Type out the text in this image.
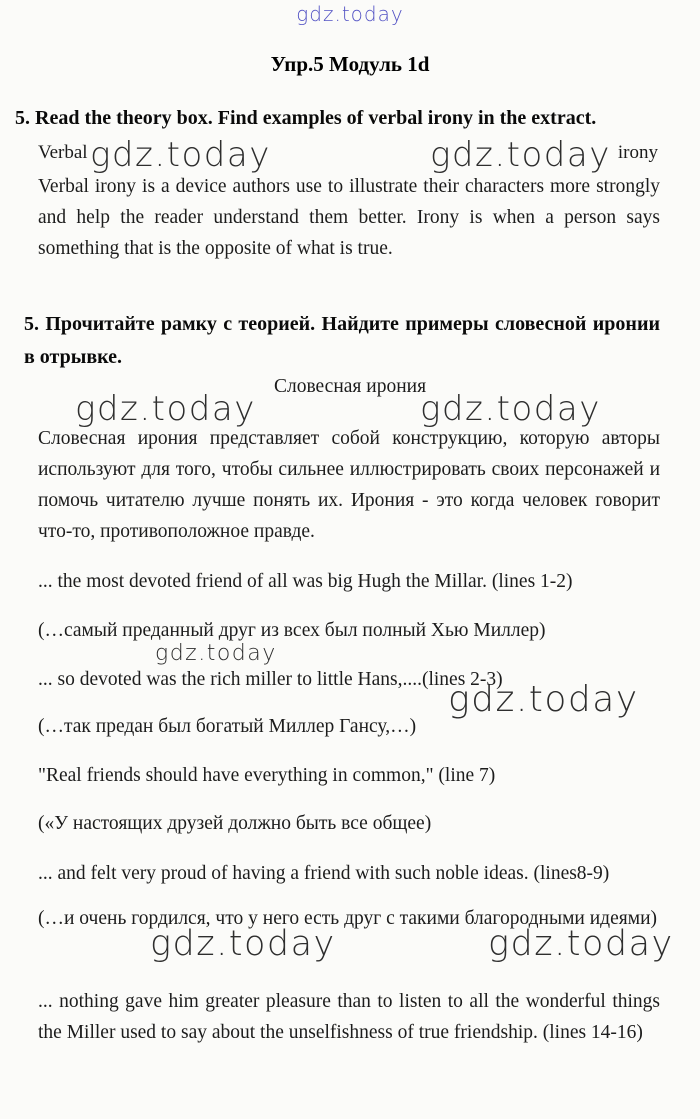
gdz.today
Упр.5 Модуль 1d
5. Read the theory box. Find examples of verbal irony in the extract.
Verbal gdz.today	gdz.today irony
Verbal irony is a device authors use to illustrate their characters more strongly and help the reader understand them better. Irony is when a person says something that is the opposite of what is true.
5. Прочитайте рамку с теорией. Найдите примеры словесной иронии в отрывке.
Словесная ирония
gdz.today	gdz.today
Словесная ирония представляет собой конструкцию, которую авторы используют для того, чтобы сильнее иллюстрировать своих персонажей и помочь читателю лучше понять их. Ирония - это когда человек говорит что-то, противоположное правде.
... the most devoted friend of all was big Hugh the Millar. (lines 1-2)
(…самый преданный друг из всех был полный Хью Миллер)
gdz.today
... so devoted was the rich miller to little Hans,....(lines 2-3)
gdz.today
(…так предан был богатый Миллер Гансу,…)
"Real friends should have everything in common," (line 7)
(«У настоящих друзей должно быть все общее)
... and felt very proud of having a friend with such noble ideas. (lines8-9)
(…и очень гордился, что у него есть друг с такими благородными идеями)
gdz.today	gdz.today
... nothing gave him greater pleasure than to listen to all the wonderful things the Miller used to say about the unselfishness of true friendship. (lines 14-16)
